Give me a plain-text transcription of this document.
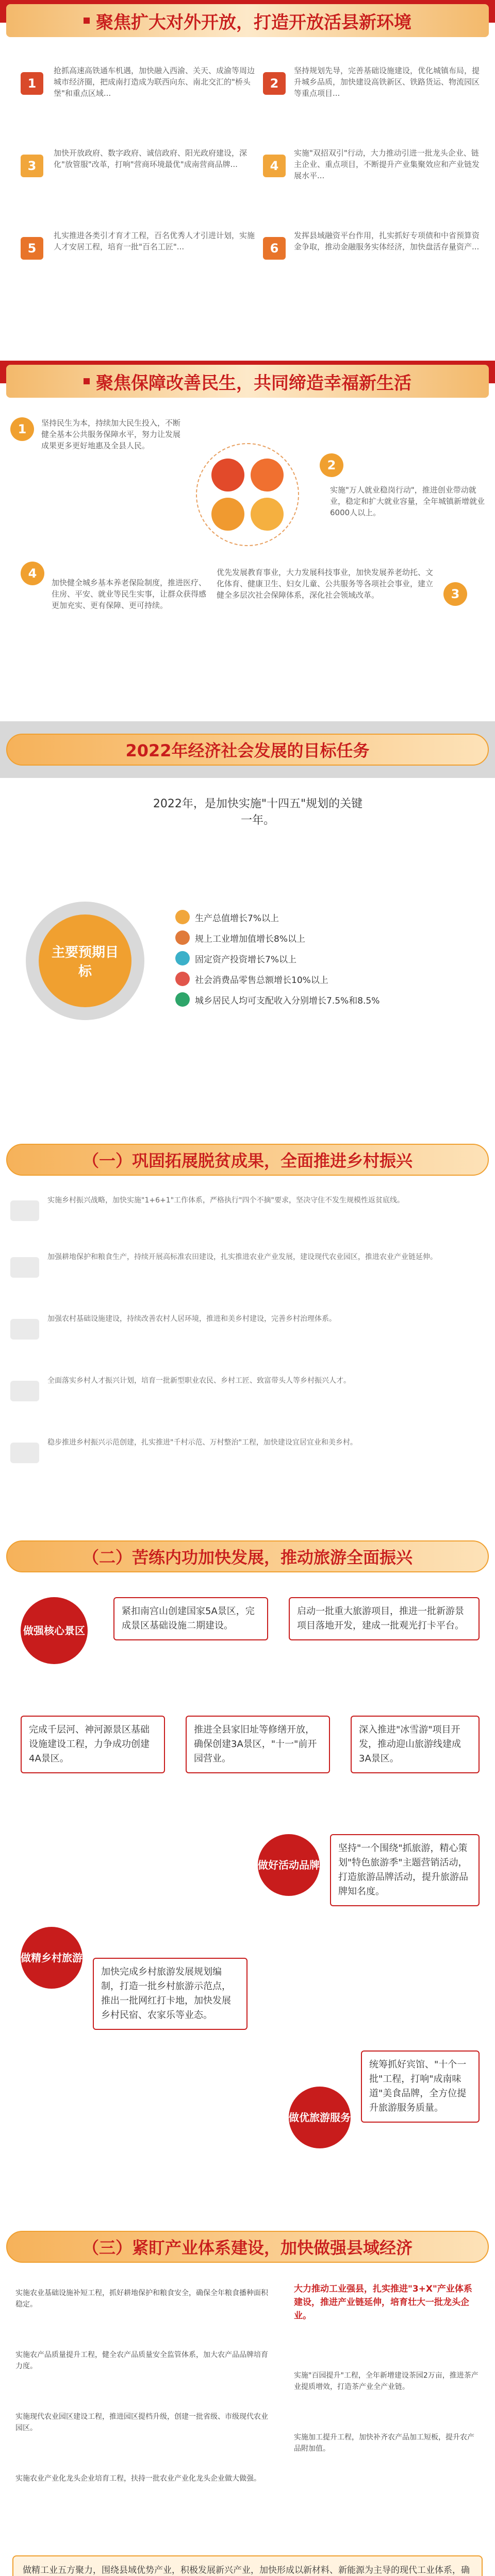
聚焦扩大对外开放，打造开放活县新环境
1
抢抓高速高铁通车机遇，加快融入西渝、关天、成渝等周边城市经济圈，把成南打造成为联西向东、南北交汇的"桥头堡"和重点区域...
2
坚持规划先导，完善基础设施建设，优化城镇布局，提升城乡品质，加快建设高铁新区、铁路货运、物流园区等重点项目...
3
加快开放政府、数字政府、诚信政府、阳光政府建设，深化"放管服"改革，打响"营商环境最优"成南营商品牌...	4
实施"双招双引"行动，大力推动引进一批龙头企业、链主企业、重点项目，不断提升产业集聚效应和产业链发展水平...
5
扎实推进各类引才育才工程，百名优秀人才引进计划，实施人才安居工程，培育一批"百名工匠"...	6
发挥县域融资平台作用，扎实抓好专项债和中省预算资金争取，推动金融服务实体经济，加快盘活存量资产...
聚焦保障改善民生，共同缔造幸福新生活
1	坚持民生为本，持续加大民生投入，不断健全基本公共服务保障水平，努力让发展成果更多更好地惠及全县人民。
2
实施"万人就业稳岗行动"，推进创业带动就业，稳定和扩大就业容量，全年城镇新增就业6000人以上。
4
加快健全城乡基本养老保险制度，推进医疗、住房、平安、就业等民生实事，让群众获得感更加充实、更有保障、更可持续。
3
优先发展教育事业，大力发展科技事业，加快发展养老幼托、文化体育、健康卫生、妇女儿童、公共服务等各项社会事业，建立健全多层次社会保障体系，深化社会领域改革。
2022年经济社会发展的目标任务
2022年，是加快实施"十四五"规划的关键一年。
主要预期目标
生产总值增长7%以上
规上工业增加值增长8%以上
固定资产投资增长7%以上
社会消费品零售总额增长10%以上
城乡居民人均可支配收入分别增长7.5%和8.5%
（一）巩固拓展脱贫成果，全面推进乡村振兴
实施乡村振兴战略，加快实施"1+6+1"工作体系，严格执行"四个不摘"要求，坚决守住不发生规模性返贫底线。
加强耕地保护和粮食生产，持续开展高标准农田建设，扎实推进农业产业发展，建设现代农业园区，推进农业产业链延伸。
加强农村基础设施建设，持续改善农村人居环境，推进和美乡村建设，完善乡村治理体系。
全面落实乡村人才振兴计划，培育一批新型职业农民、乡村工匠、致富带头人等乡村振兴人才。
稳步推进乡村振兴示范创建，扎实推进"千村示范、万村整治"工程，加快建设宜居宜业和美乡村。
（二）苦练内功加快发展，推动旅游全面振兴
做强核心景区
紧扣南宫山创建国家5A景区，完成景区基础设施二期建设。
启动一批重大旅游项目，推进一批新游景项目落地开发，建成一批观光打卡平台。
完成千层河、神河源景区基础设施建设工程，力争成功创建4A景区。
推进全县家旧址等修缮开放，确保创建3A景区，"十一"前开园营业。
深入推进"冰雪游"项目开发，推动迎山旅游线建成3A景区。
做好活动品牌
坚持"一个围绕"抓旅游，精心策划"特色旅游季"主题营销活动，打造旅游品牌活动，提升旅游品牌知名度。
做精乡村旅游
加快完成乡村旅游发展规划编制，打造一批乡村旅游示范点，推出一批网红打卡地，加快发展乡村民宿、农家乐等业态。
做优旅游服务
统筹抓好宾馆、"十个一批"工程，打响"成南味道"美食品牌，全方位提升旅游服务质量。
（三）紧盯产业体系建设，加快做强县域经济
大力推动工业强县，扎实推进"3+X"产业体系建设，推进产业链延伸，培育壮大一批龙头企业。
实施农业基础设施补短工程，抓好耕地保护和粮食安全，确保全年粮食播种面积稳定。
实施农产品质量提升工程，健全农产品质量安全监管体系，加大农产品品牌培育力度。
实施现代农业园区建设工程，推进园区提档升级，创建一批省级、市级现代农业园区。
实施农业产业化龙头企业培育工程，扶持一批农业产业化龙头企业做大做强。
实施"百园提升"工程，全年新增建设茶园2万亩，推进茶产业提质增效，打造茶产业全产业链。
实施加工提升工程，加快补齐农产品加工短板，提升农产品附加值。
做精工业五方聚力，围绕县域优势产业，积极发展新兴产业，加快形成以新材料、新能源为主导的现代工业体系，确
